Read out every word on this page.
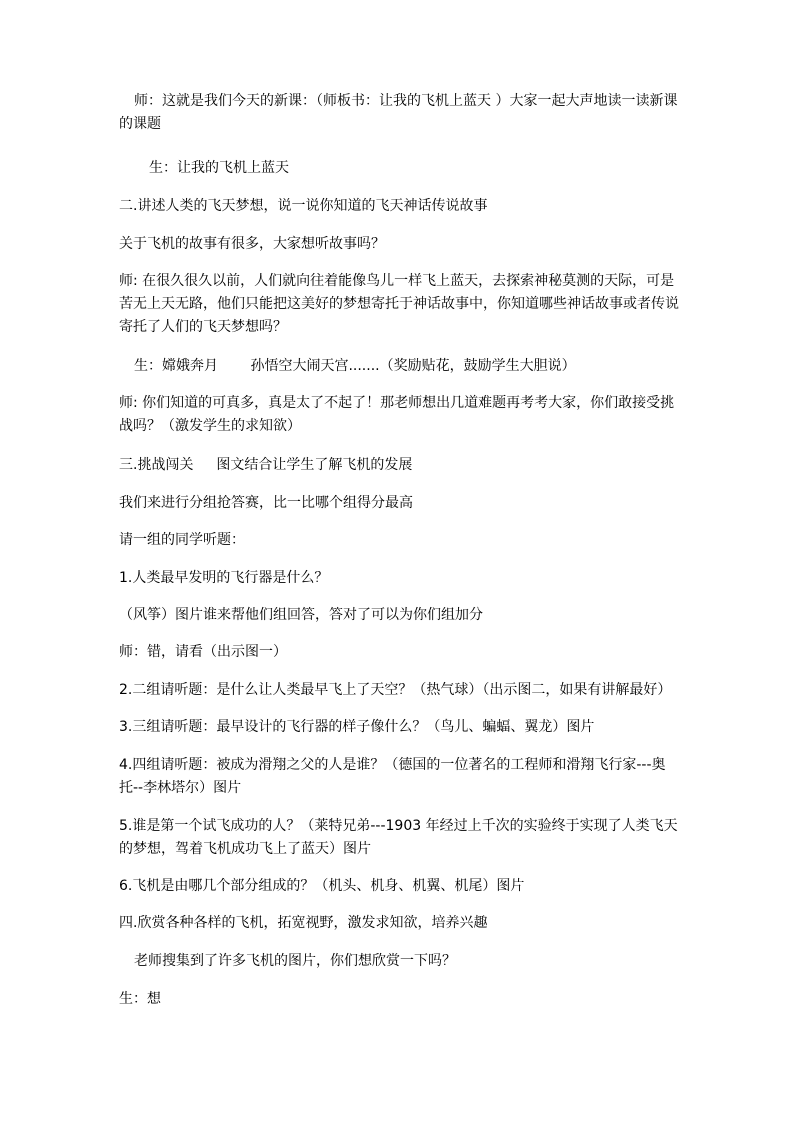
师：这就是我们今天的新课：（师板书：让我的飞机上蓝天 ）大家一起大声地读一读新课的课题

生：让我的飞机上蓝天

二.讲述人类的飞天梦想，说一说你知道的飞天神话传说故事

关于飞机的故事有很多，大家想听故事吗？

师: 在很久很久以前，人们就向往着能像鸟儿一样飞上蓝天，去探索神秘莫测的天际，可是苦无上天无路，他们只能把这美好的梦想寄托于神话故事中，你知道哪些神话故事或者传说寄托了人们的飞天梦想吗？

生：嫦娥奔月 　　孙悟空大闹天宫.......（奖励贴花，鼓励学生大胆说）

师: 你们知道的可真多，真是太了不起了！那老师想出几道难题再考考大家，你们敢接受挑战吗？（激发学生的求知欲）

三.挑战闯关 　 图文结合让学生了解飞机的发展

我们来进行分组抢答赛，比一比哪个组得分最高

请一组的同学听题：

1.人类最早发明的飞行器是什么？

（风筝）图片谁来帮他们组回答，答对了可以为你们组加分

师：错，请看（出示图一）

2.二组请听题：是什么让人类最早飞上了天空？（热气球）（出示图二，如果有讲解最好）

3.三组请听题：最早设计的飞行器的样子像什么？（鸟儿、蝙蝠、翼龙）图片

4.四组请听题：被成为滑翔之父的人是谁？（德国的一位著名的工程师和滑翔飞行家---奥托--李林塔尔）图片

5.谁是第一个试飞成功的人？（莱特兄弟---1903 年经过上千次的实验终于实现了人类飞天的梦想，驾着飞机成功飞上了蓝天）图片

6.飞机是由哪几个部分组成的？（机头、机身、机翼、机尾）图片

四.欣赏各种各样的飞机，拓宽视野，激发求知欲，培养兴趣

老师搜集到了许多飞机的图片，你们想欣赏一下吗？

生：想
